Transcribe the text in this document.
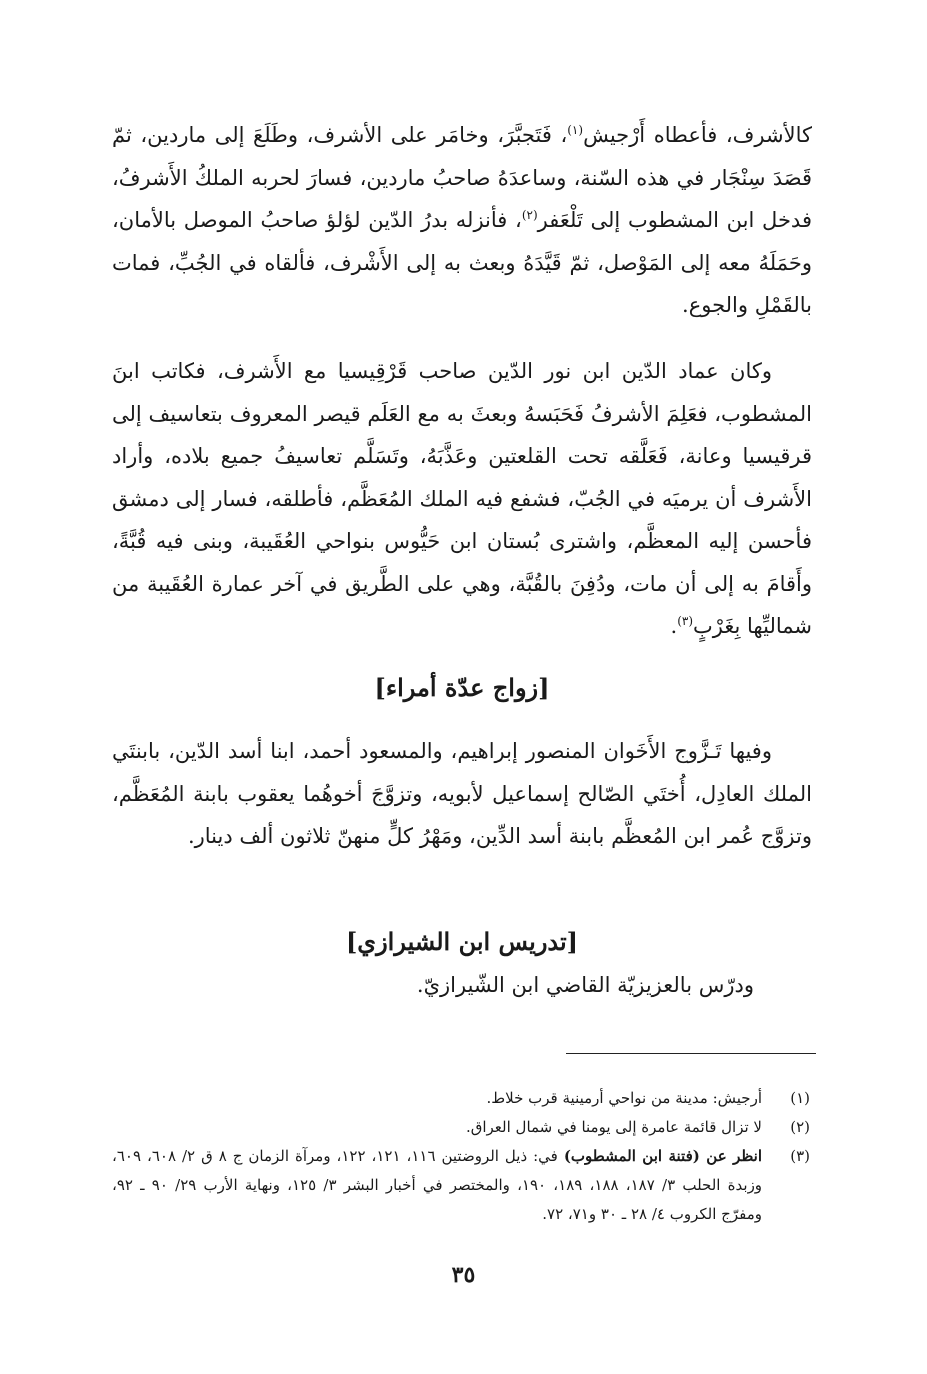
كالأشرف، فأعطاه أَرْجيش$^{(١)}$، فَتَجبَّرَ، وخامَر على الأشرف، وطَلَعَ إلى ماردين، ثمّ قَصَدَ سِنْجَار في هذه السّنة، وساعدَهُ صاحبُ ماردين، فسارَ لحربه الملكُ الأَشرفُ، فدخل ابن المشطوب إلى تَلْعَفر$^{(٢)}$، فأنزله بدرُ الدّين لؤلؤ صاحبُ الموصل بالأمان، وحَمَلَهُ معه إلى المَوْصل، ثمّ قَيَّدَهُ وبعث به إلى الأَشْرف، فألقاه في الجُبِّ، فمات بالقَمْلِ والجوع.
وكان عماد الدّين ابن نور الدّين صاحب قَرْقِيسيا مع الأَشرف، فكاتب ابنَ المشطوب، فعَلِمَ الأشرفُ فَحَبَسهُ وبعثَ به مع العَلَم قيصر المعروف بتعاسيف إلى قرقيسيا وعانة، فَعَلَّقه تحت القلعتين وعَذَّبَهُ، وتَسَلَّم تعاسيفُ جميع بلاده، وأراد الأَشرف أن يرميَه في الجُبّ، فشفع فيه الملك المُعَظَّم، فأطلقه، فسار إلى دمشق فأحسن إليه المعظَّم، واشترى بُستان ابن حَيُّوس بنواحي العُقَيبة، وبنى فيه قُبَّةً، وأَقامَ به إلى أن مات، ودُفِنَ بالقُبَّة، وهي على الطَّريق في آخر عمارة العُقَيبة من شماليِّها بِغَرْبٍ$^{(٣)}$.
[زواج عدّة أمراء]
وفيها تَـزَّوج الأَخَوان المنصور إبراهيم، والمسعود أحمد، ابنا أسد الدّين، بابنتَي الملك العادِل، أُختَي الصّالح إسماعيل لأبويه، وتزوَّجَ أخوهُما يعقوب بابنة المُعَظَّم، وتزوَّج عُمر ابن المُعظَّم بابنة أسد الدِّين، ومَهْرُ كلٍّ منهنّ ثلاثون ألف دينار.
[تدريس ابن الشيرازي]
ودرّس بالعزيزيّة القاضي ابن الشّيرازيّ.
(١)
أرجيش: مدينة من نواحي أرمينية قرب خلاط.
(٢)
لا تزال قائمة عامرة إلى يومنا في شمال العراق.
(٣)
انظر عن (فتنة ابن المشطوب) في: ذيل الروضتين ١١٦، ١٢١، ١٢٢، ومرآة الزمان ج ٨ ق ٢/ ٦٠٨، ٦٠٩، وزبدة الحلب ٣/ ١٨٧، ١٨٨، ١٨٩، ١٩٠، والمختصر في أخبار البشر ٣/ ١٢٥، ونهاية الأرب ٢٩/ ٩٠ ـ ٩٢، ومفرّج الكروب ٤/ ٢٨ ـ ٣٠ و٧١، ٧٢.
٣٥
